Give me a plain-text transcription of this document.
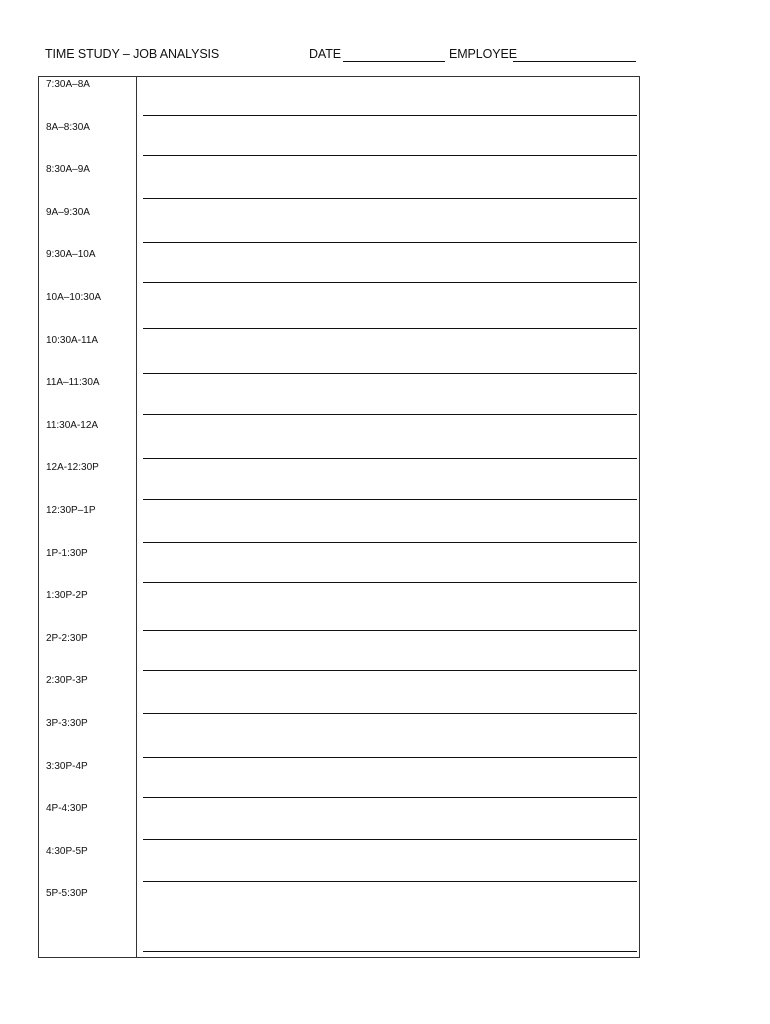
TIME STUDY – JOB ANALYSIS	DATE	EMPLOYEE
7:30A–8A
8A–8:30A
8:30A–9A
9A–9:30A
9:30A–10A
10A–10:30A
10:30A-11A
11A–11:30A
11:30A-12A
12A-12:30P
12:30P–1P
1P-1:30P
1:30P-2P
2P-2:30P
2:30P-3P
3P-3:30P
3:30P-4P
4P-4:30P
4:30P-5P
5P-5:30P
